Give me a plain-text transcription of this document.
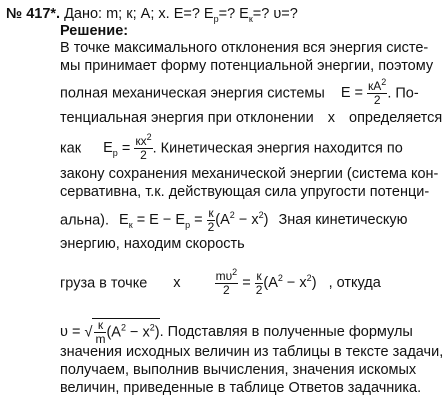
№ 417*. Дано: m; к; A; x. E=? $E_p=$? $E_к=$? υ=?
Решение:
В точке максимального отклонения вся энергия систе-
мы принимает форму потенциальной энергии, поэтому
полная механическая энергия системы $E = \frac{кA^2}{2}$ . По-
тенциальная энергия при отклонении x определяется
как $E_p = \frac{кx^2}{2}$ . Кинетическая энергия находится по
закону сохранения механической энергии (система кон-
сервативна, т.к. действующая сила упругости потенци-
альна). $E_к = E - E_p = \frac{к}{2} (A^2 - x^2)$ Зная кинетическую
энергию, находим скорость
груза в точке x	$\frac{m\upsilon^2}{2} = \frac{к}{2} (A^2 - x^2)$ , откуда
υ = √ $\frac{к}{m} (A^2 - x^2)$. Подставляя в полученные формулы
значения исходных величин из таблицы в тексте задачи,
получаем, выполнив вычисления, значения искомых
величин, приведенные в таблице Ответов задачника.
